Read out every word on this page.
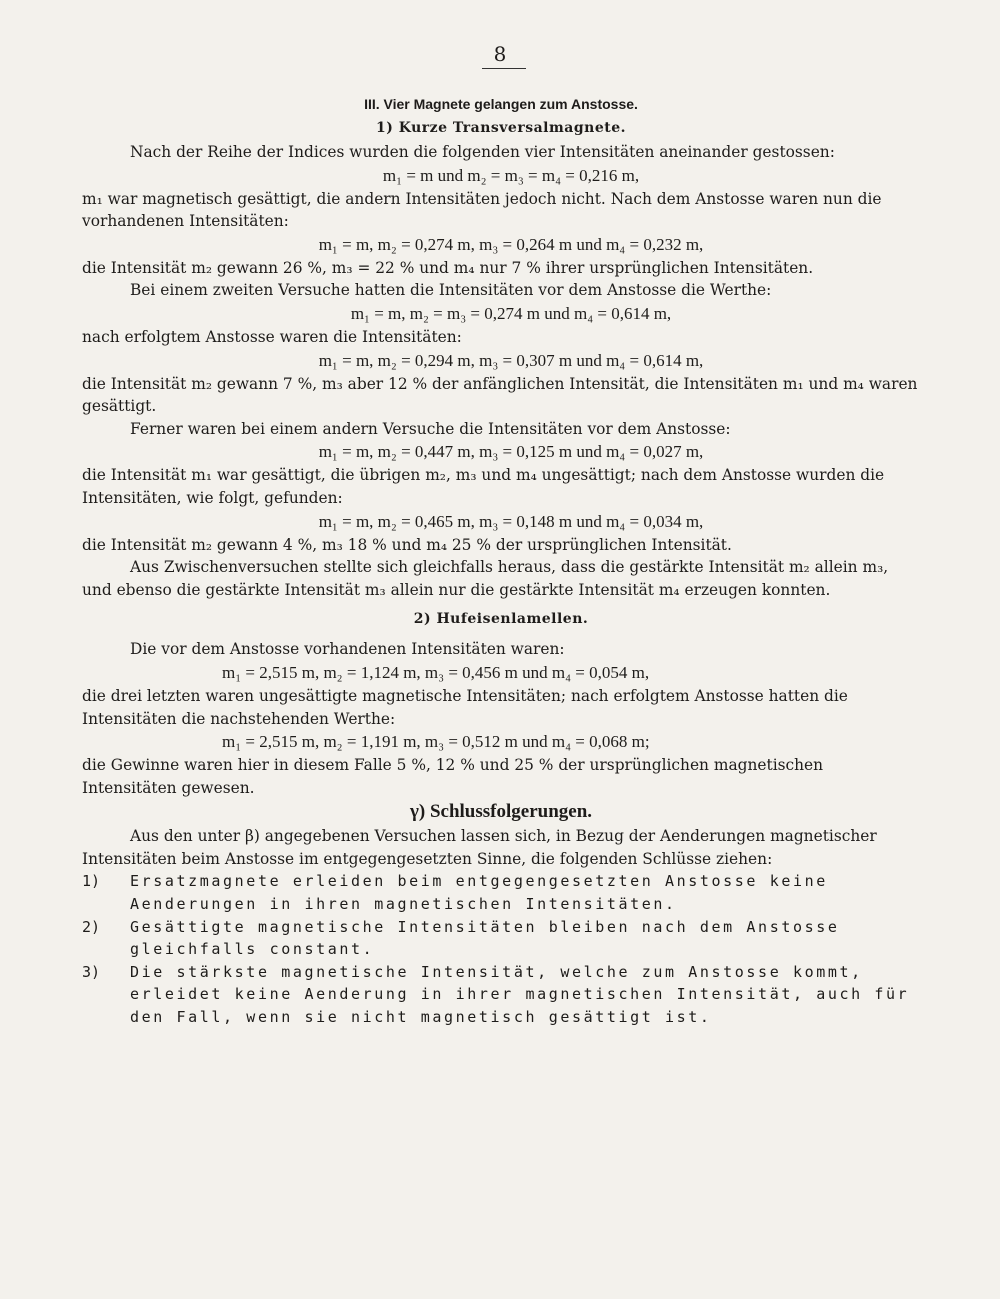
8

III. Vier Magnete gelangen zum Anstosse.

1) Kurze Transversalmagnete.

Nach der Reihe der Indices wurden die folgenden vier Intensitäten aneinander gestossen:

m₁ = m und m₂ = m₃ = m₄ = 0,216 m,

m₁ war magnetisch gesättigt, die andern Intensitäten jedoch nicht. Nach dem Anstosse waren nun die vorhandenen Intensitäten:

m₁ = m, m₂ = 0,274 m, m₃ = 0,264 m und m₄ = 0,232 m,

die Intensität m₂ gewann 26 %, m₃ = 22 % und m₄ nur 7 % ihrer ursprünglichen Intensitäten.

Bei einem zweiten Versuche hatten die Intensitäten vor dem Anstosse die Werthe:

m₁ = m, m₂ = m₃ = 0,274 m und m₄ = 0,614 m,

nach erfolgtem Anstosse waren die Intensitäten:

m₁ = m, m₂ = 0,294 m, m₃ = 0,307 m und m₄ = 0,614 m,

die Intensität m₂ gewann 7 %, m₃ aber 12 % der anfänglichen Intensität, die Intensitäten m₁ und m₄ waren gesättigt.

Ferner waren bei einem andern Versuche die Intensitäten vor dem Anstosse:

m₁ = m, m₂ = 0,447 m, m₃ = 0,125 m und m₄ = 0,027 m,

die Intensität m₁ war gesättigt, die übrigen m₂, m₃ und m₄ ungesättigt; nach dem Anstosse wurden die Intensitäten, wie folgt, gefunden:

m₁ = m, m₂ = 0,465 m, m₃ = 0,148 m und m₄ = 0,034 m,

die Intensität m₂ gewann 4 %, m₃ 18 % und m₄ 25 % der ursprünglichen Intensität.

Aus Zwischenversuchen stellte sich gleichfalls heraus, dass die gestärkte Intensität m₂ allein m₃, und ebenso die gestärkte Intensität m₃ allein nur die gestärkte Intensität m₄ erzeugen konnten.

2) Hufeisenlamellen.

Die vor dem Anstosse vorhandenen Intensitäten waren:

m₁ = 2,515 m, m₂ = 1,124 m, m₃ = 0,456 m und m₄ = 0,054 m,

die drei letzten waren ungesättigte magnetische Intensitäten; nach erfolgtem Anstosse hatten die Intensitäten die nachstehenden Werthe:

m₁ = 2,515 m, m₂ = 1,191 m, m₃ = 0,512 m und m₄ = 0,068 m;

die Gewinne waren hier in diesem Falle 5 %, 12 % und 25 % der ursprünglichen magnetischen Intensitäten gewesen.

γ) Schlussfolgerungen.

Aus den unter β) angegebenen Versuchen lassen sich, in Bezug der Aenderungen magnetischer Intensitäten beim Anstosse im entgegengesetzten Sinne, die folgenden Schlüsse ziehen:

1)	Ersatzmagnete erleiden beim entgegengesetzten Anstosse keine Aenderungen in ihren magnetischen Intensitäten.
2)	Gesättigte magnetische Intensitäten bleiben nach dem Anstosse gleichfalls constant.
3)	Die stärkste magnetische Intensität, welche zum Anstosse kommt, erleidet keine Aenderung in ihrer magnetischen Intensität, auch für den Fall, wenn sie nicht magnetisch gesättigt ist.
